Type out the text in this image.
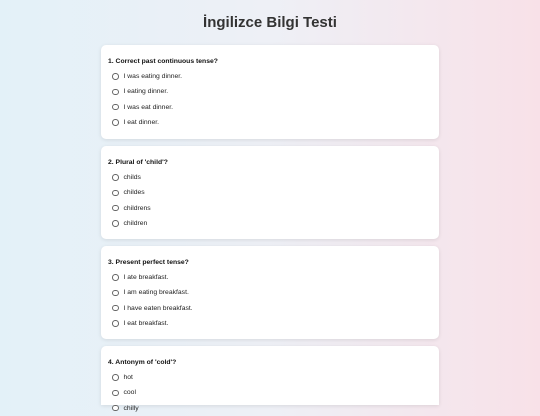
İngilizce Bilgi Testi

1. Correct past continuous tense?

I was eating dinner.
I eating dinner.
I was eat dinner.
I eat dinner.

2. Plural of 'child'?

childs
childes
childrens
children

3. Present perfect tense?

I ate breakfast.
I am eating breakfast.
I have eaten breakfast.
I eat breakfast.

4. Antonym of 'cold'?

hot
cool
chilly
